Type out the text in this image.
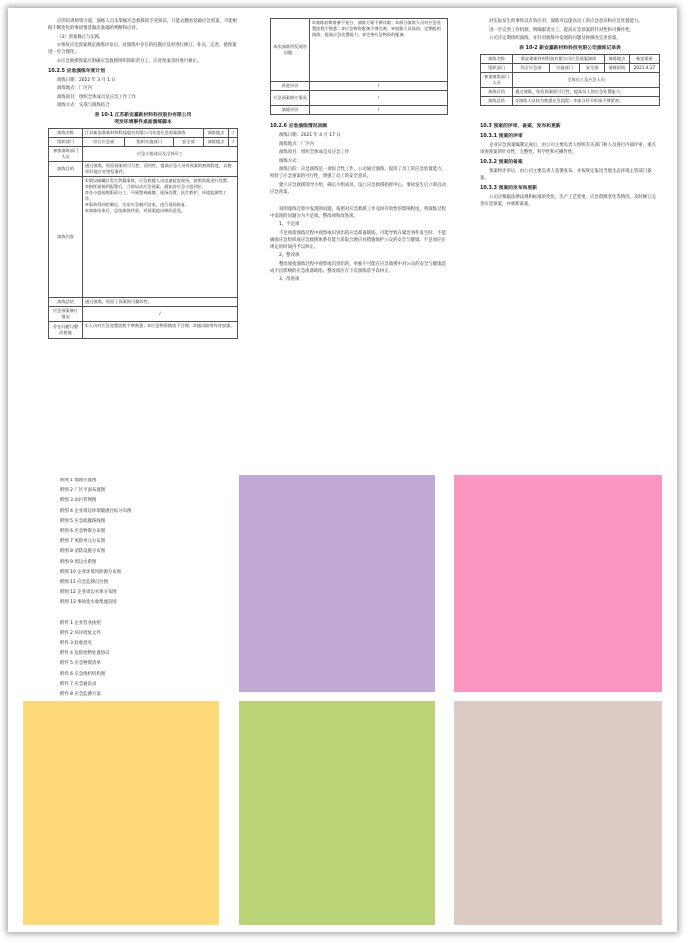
应的培训师资力量，演练人员未掌握应急救援的专业知识，只能去翻看基础应急预案，不能根据不断变化的事故情景做出准确的判断和应对。

（3）预案修正与实践

①事故应急预案规定演练评估后，对演练中存在的问题应及时进行修订、补充、完善，使预案进一步合理化。

②应急救援预案应明确应急救援组织的职责分工，应对预案及时进行修正。

10.2.5 应急演练年度计划

演练日期：2022 年 3 月 1 日

演练地点：厂区内

演练项目：组织全体成员及应急工作工作

演练方式：实战与演练结合

表 10-1 江苏新安嘉新材料科技股份有限公司
突发环境事件桌面演练脚本
演练名称	江苏新安嘉新材料科技股份有限公司年度应急预案演练			演练地点	/
组织部门	综合应急部	组织实施部门	安全部	演练地点	/
参加演练部门人员	应急小组成员及全体员工				
演练目的	通过演练，检验预案的可行性、适用性，提高应急人员对预案的熟练程度，以便更好地应对突发事件。				
演练内容	①假设储罐区发生泄漏事故，应急救援人员迅速赶赴现场，按照预案进行处置。
②指挥部接到报警后，立即启动应急预案，通知各应急小组到位。
③各小组按照职责分工，开展警戒疏散、现场处置、医疗救护、环境监测等工作。
④事故得到控制后，宣布应急响应结束，进行现场恢复。
⑤演练结束后，总结演练经验，对预案提出修改意见。				
演练总结	通过演练，检验了预案的可操作性。				
应急预案修订情况	/				
存在问题与整改措施	①人员对应急处置流程不够熟悉；②应急物资摆放不合理；③通讯联络有待加强。				
本次演练所发现的问题：	①演练前期准备不充分，演练方案不够详细；②部分演练人员对应急处置流程不熟悉；③应急物资配备不够完善。④加强人员培训，定期组织演练，提高应急处置能力。⑤完善应急物资的配备。
改进评价	/
应急预案修订情况	/
演练评价	/
10.2.6 应急演练情况回顾

演练日期：2021 年 4 月 17 日

演练地点：厂区内

演练项目：组织全体成员及应急工作

演练方式：

演练目的：应急演练是一项综合性工作，公司通过演练，提高了员工的应急处置能力，检验了应急预案的可行性，增强了员工的安全意识。

建立应急救援领导小组，确定小组成员，设立应急救援指挥中心，事故发生后立即启动应急预案。

说明演练过程中发现的问题，按照对应急救援工作及时有效性的影响程度，将演练过程中发现的问题分为不足项、整改项和改进项。

1、不足项

不足项指演练过程中观察或识别出的应急准备缺陷，可能导致在紧急事件发生时，不能确保应急组织或应急救援体系有能力采取合理应对措施保护公众的安全与健康。不足项应在规定的时间内予以纠正。

2、整改项

整改项指演练过程中观察或识别出的，单独不可能在应急救援中对公众的安全与健康造成不良影响的应急准备缺陷。整改项应在下次演练前予以纠正。

3、改进项

对实际发生的事件以有效应对，演练可以提高员工的应急意识和应急处置能力。

进一步完善工作机制，明确职责分工，提高应急预案的针对性和可操作性。

公司应定期组织演练，并针对演练中发现的问题及时修改完善预案。

表 10-2 新安嘉新材料科技有限公司演练记录表
演练名称	新安嘉新材料科技有限公司应急预案演练			演练地点	新安嘉新
组织部门	综合应急部	实施部门	安全部	演练时间	2021.4.17
参加演练部门人员	全体员工及应急人员				
演练目的	通过演练，检验预案的可行性，提高员工的应急处置能力。				
演练总结	①演练人员较为熟悉应急流程；②部分环节衔接不够紧密。				
10.3 预案的评审、备案、发布和更新
10.3.1 预案的评审

企业应急预案编制完成后，由公司主要负责人组织有关部门和人员进行内部评审，重点审查预案的针对性、完整性、科学性和可操作性。

10.3.2 预案的备案

预案经评审后，由公司主要负责人签署发布，并按规定报送当地生态环境主管部门备案。

10.3.3 预案的发布和更新

公司应根据法律法规和标准的变化、生产工艺变更、应急资源变化等情况，及时修订完善应急预案，并重新备案。

附图 1 地理位置图
附图 2 厂区平面布置图
附图 3 雨污管网图
附图 4 企业周边环境敏感目标分布图
附图 5 应急疏散路线图
附图 6 应急物资分布图
附图 7 风险单元分布图
附图 8 消防设施分布图
附图 9 周边水系图
附图 10 企业环境风险源分布图
附图 11 应急监测点位图
附图 12 企业周边水体分布图
附图 13 事故废水收集流向图
附件 1 企业营业执照
附件 2 环评批复文件
附件 3 验收意见
附件 4 危险废物处置协议
附件 5 应急物资清单
附件 6 应急组织机构图
附件 7 应急通讯录
附件 8 应急监测方案
